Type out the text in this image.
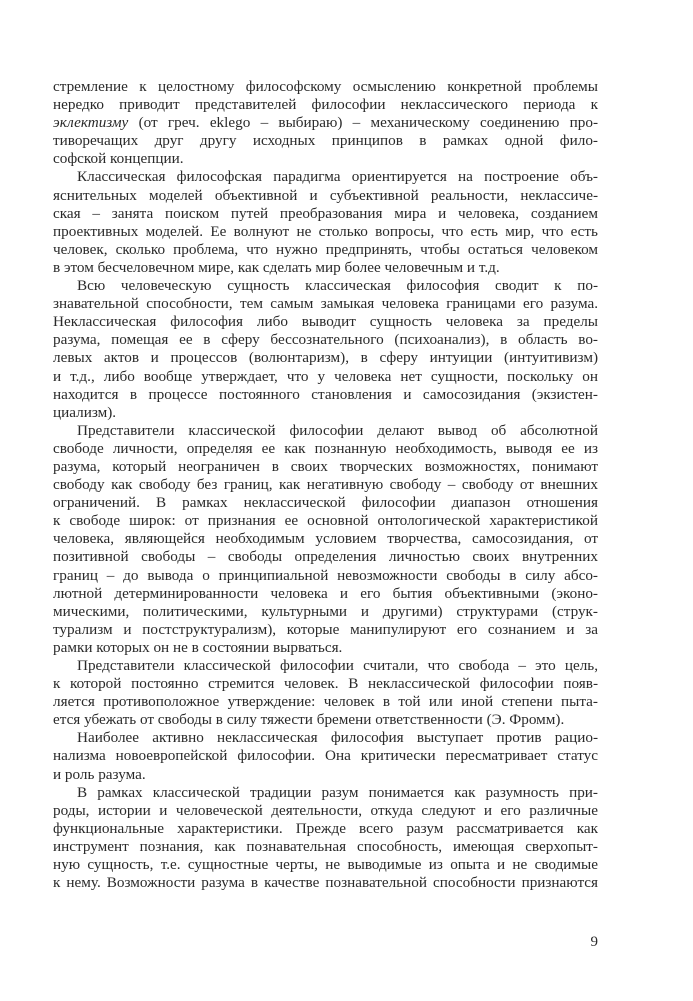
стремление к целостному философскому осмыслению конкретной проблемы
нередко приводит представителей философии неклассического периода к
эклектизму (от греч. eklego – выбираю) – механическому соединению про-
тиворечащих друг другу исходных принципов в рамках одной фило-
софской концепции.
Классическая философская парадигма ориентируется на построение объ-
яснительных моделей объективной и субъективной реальности, неклассиче-
ская – занята поиском путей преобразования мира и человека, созданием
проективных моделей. Ее волнуют не столько вопросы, что есть мир, что есть
человек, сколько проблема, что нужно предпринять, чтобы остаться человеком
в этом бесчеловечном мире, как сделать мир более человечным и т.д.
Всю человеческую сущность классическая философия сводит к по-
знавательной способности, тем самым замыкая человека границами его разума.
Неклассическая философия либо выводит сущность человека за пределы
разума, помещая ее в сферу бессознательного (психоанализ), в область во-
левых актов и процессов (волюнтаризм), в сферу интуиции (интуитивизм)
и т.д., либо вообще утверждает, что у человека нет сущности, поскольку он
находится в процессе постоянного становления и самосозидания (экзистен-
циализм).
Представители классической философии делают вывод об абсолютной
свободе личности, определяя ее как познанную необходимость, выводя ее из
разума, который неограничен в своих творческих возможностях, понимают
свободу как свободу без границ, как негативную свободу – свободу от внешних
ограничений. В рамках неклассической философии диапазон отношения
к свободе широк: от признания ее основной онтологической характеристикой
человека, являющейся необходимым условием творчества, самосозидания, от
позитивной свободы – свободы определения личностью своих внутренних
границ – до вывода о принципиальной невозможности свободы в силу абсо-
лютной детерминированности человека и его бытия объективными (эконо-
мическими, политическими, культурными и другими) структурами (струк-
турализм и постструктурализм), которые манипулируют его сознанием и за
рамки которых он не в состоянии вырваться.
Представители классической философии считали, что свобода – это цель,
к которой постоянно стремится человек. В неклассической философии появ-
ляется противоположное утверждение: человек в той или иной степени пыта-
ется убежать от свободы в силу тяжести бремени ответственности (Э. Фромм).
Наиболее активно неклассическая философия выступает против рацио-
нализма новоевропейской философии. Она критически пересматривает статус
и роль разума.
В рамках классической традиции разум понимается как разумность при-
роды, истории и человеческой деятельности, откуда следуют и его различные
функциональные характеристики. Прежде всего разум рассматривается как
инструмент познания, как познавательная способность, имеющая сверхопыт-
ную сущность, т.е. сущностные черты, не выводимые из опыта и не сводимые
к нему. Возможности разума в качестве познавательной способности признаются
9
